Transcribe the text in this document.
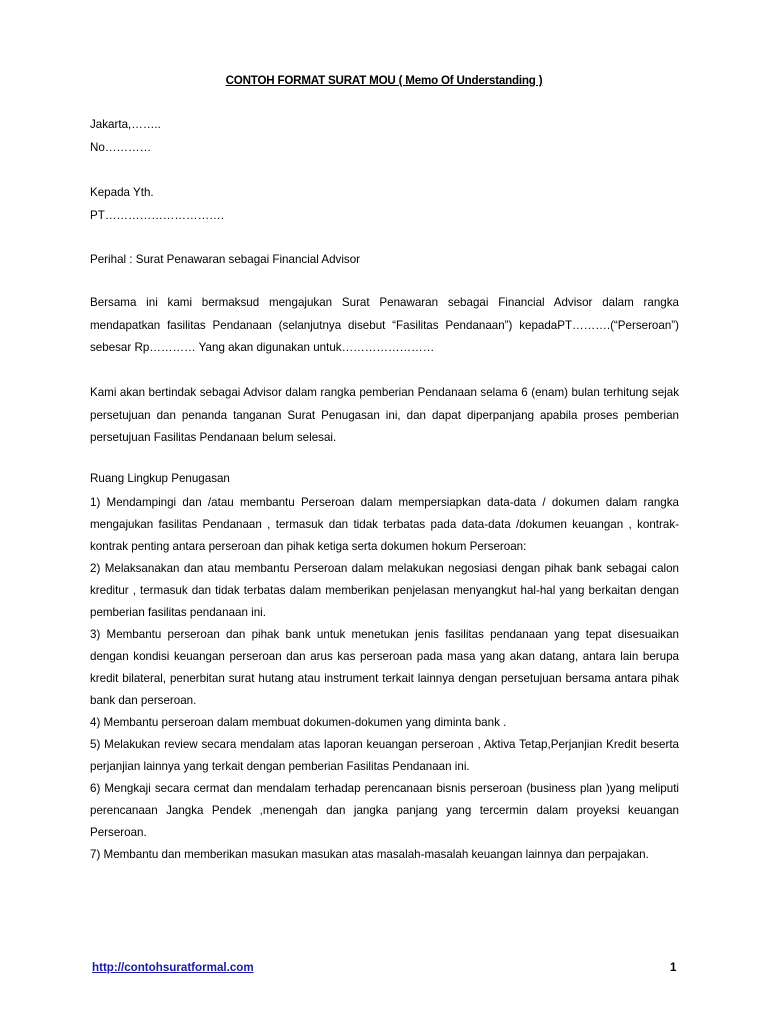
CONTOH FORMAT SURAT MOU ( Memo Of Understanding )
Jakarta,……..
No…………
Kepada Yth.
PT………………………….
Perihal : Surat Penawaran sebagai Financial Advisor
Bersama ini kami bermaksud mengajukan Surat Penawaran sebagai Financial Advisor dalam rangka mendapatkan fasilitas Pendanaan (selanjutnya disebut “Fasilitas Pendanaan”) kepadaPT……….(“Perseroan”) sebesar Rp………… Yang akan digunakan untuk……………………
Kami akan bertindak sebagai Advisor dalam rangka pemberian Pendanaan selama 6 (enam) bulan terhitung sejak persetujuan dan penanda tanganan Surat Penugasan ini, dan dapat diperpanjang apabila proses pemberian persetujuan Fasilitas Pendanaan belum selesai.
Ruang Lingkup Penugasan
1) Mendampingi dan /atau membantu Perseroan dalam mempersiapkan data-data / dokumen dalam rangka mengajukan fasilitas Pendanaan , termasuk dan tidak terbatas pada data-data /dokumen keuangan , kontrak-kontrak penting antara perseroan dan pihak ketiga serta dokumen hokum Perseroan:
2) Melaksanakan dan atau membantu Perseroan dalam melakukan negosiasi dengan pihak bank sebagai calon kreditur , termasuk dan tidak terbatas dalam memberikan penjelasan menyangkut hal-hal yang berkaitan dengan pemberian fasilitas pendanaan ini.
3) Membantu perseroan dan pihak bank untuk menetukan jenis fasilitas pendanaan yang tepat disesuaikan dengan kondisi keuangan perseroan dan arus kas perseroan pada masa yang akan datang, antara lain berupa kredit bilateral, penerbitan surat hutang atau instrument terkait lainnya dengan persetujuan bersama antara pihak bank dan perseroan.
4) Membantu perseroan dalam membuat dokumen-dokumen yang diminta bank .
5) Melakukan review secara mendalam atas laporan keuangan perseroan , Aktiva Tetap,Perjanjian Kredit beserta perjanjian lainnya yang terkait dengan pemberian Fasilitas Pendanaan ini.
6) Mengkaji secara cermat dan mendalam terhadap perencanaan bisnis perseroan (business plan )yang meliputi perencanaan Jangka Pendek ,menengah dan jangka panjang yang tercermin dalam proyeksi keuangan Perseroan.
7) Membantu dan memberikan masukan masukan atas masalah-masalah keuangan lainnya dan perpajakan.
http://contohsuratformal.com	1
